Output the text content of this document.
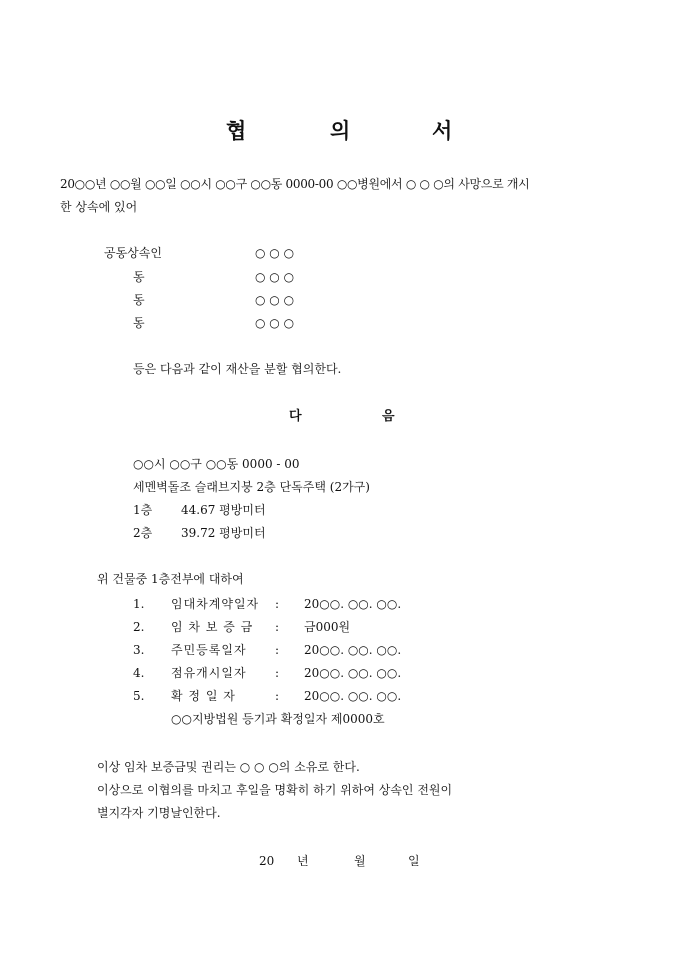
협	의	서
20○○년 ○○월 ○○일 ○○시 ○○구 ○○동 0000-00 ○○병원에서 ○ ○ ○의 사망으로 개시
한 상속에 있어
공동상속인	○ ○ ○
동	○ ○ ○
동	○ ○ ○
동	○ ○ ○
등은 다음과 같이 재산을 분할 협의한다.
다	음
○○시 ○○구 ○○동 0000 - 00
세멘벽돌조 슬래브지붕 2층 단독주택 (2가구)
1층 44.67 평방미터
2층 39.72 평방미터
위 건물중 1층전부에 대하여
1. 임대차계약일자 : 20○○. ○○. ○○.
2. 임 차 보 증 금 : 금000원
3. 주민등록일자 : 20○○. ○○. ○○.
4. 점유개시일자 : 20○○. ○○. ○○.
5. 확 정 일 자	: 20○○. ○○. ○○.
○○지방법원 등기과 확정일자 제0000호
이상 임차 보증금및 권리는 ○ ○ ○의 소유로 한다.
이상으로 이협의를 마치고 후일을 명확히 하기 위하여 상속인 전원이
별지각자 기명날인한다.
20 년	월	일
